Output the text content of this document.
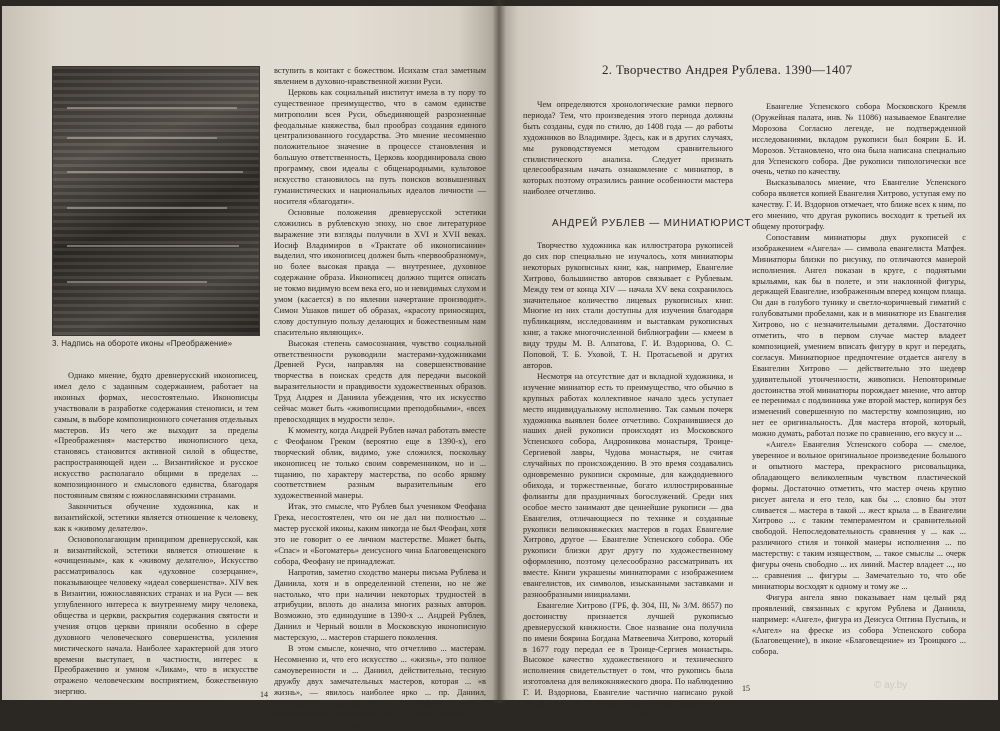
3. Надпись на обороте иконы «Преображение»

Однако мнение, будто древнерусский иконописец, имел дело с заданным содержанием, работает на иконных формах, несостоятельно. Иконописцы участвовали в разработке содержания стенописи, и тем самым, в выборе композиционного сочетания отдельных мастеров. Из чего же выходит за пределы «Преображения» мастерство иконописного цеха, становясь становится активной силой в обществе, распространяющей идеи ... Византийское и русское искусство располагало общими в пределах ... композиционного и смыслового единства, благодаря постоянным связям с южнославянскими странами.

Закончиться обучение художника, как и византийской, эстетики является отношение к человеку, как к «живому делателю».

Основополагающим принципом древнерусской, как и византийской, эстетики является отношение к «очищенным», как к «живому делателю», Искусство рассматривалось как «духовное созерцание», показывающее человеку «идеал совершенства». XIV век в Византии, южнославянских странах и на Руси — век углубленного интереса к внутреннему миру человека, общества и церкви, раскрытия содержания святости и учения отцов церкви приняли особенно в сфере духовного человеческого совершенства, усиления мистического начала. Наиболее характерной для этого времени выступает, в частности, интерес к Преображению и умном «Ликам», что в искусстве отражено человеческим восприятием, божественную энергию.

вступить в контакт с божеством. Исихазм стал заметным явлением в духовно-нравственной жизни Руси.

Церковь как социальный институт имела в ту пору то существенное преимущество, что в самом единстве митрополии всея Руси, объединяющей разрозненные феодальные княжества, был прообраз создания единого централизованного государства. Это мнение несомненно положительное значение в процессе становления и большую ответственность, Церковь координировала свою программу, свои идеалы с общенародными, культовое искусство становилось на путь поисков возвышенных гуманистических и национальных идеалов личности — носителя «благодати».

Основные положения древнерусской эстетики сложились в рублевскую эпоху, но свое литературное выражение эти взгляды получили в XVI и XVII веках. Иосиф Владимиров в «Трактате об иконописании» выделил, что иконописец должен быть «первообразному», но более высокая правда — внутреннее, духовное содержание образа. Иконописец должно тщится описать не токмо видимую всем века его, но и невидимых слухом и умом (касается) в по явлении начертание производит». Симон Ушаков пишет об образах, «красоту приносящих, слову доступную пользу делающих и божественным нам спасительно являющих».

Высокая степень самосознания, чувство социальной ответственности руководили мастерами-художниками Древней Руси, направляя на совершенствование творчества в поисках средств для передачи высокой выразительности и правдивости художественных образов. Труд Андрея и Даниила убеждения, что их искусство сейчас может быть «живописцами преподобными», «всех превосходящих в мудрости зело».

К моменту, когда Андрей Рублев начал работать вместе с Феофаном Греком (вероятно еще в 1390-х), его творческий облик, видимо, уже сложился, поскольку иконописец не только своим современником, но и ... тщанию, по характеру мастерства, по особо яркому соответствием разным выразительным его художественной манеры.

Итак, это смысле, что Рублев был учеником Феофана Грека, несостоятелен, что он не дал ни полностью ... мастер русской иконы, каким никогда не был Феофан, хотя это не говорит о ее личном мастерстве. Может быть, «Спас» и «Богоматерь» деисусного чина Благовещенского собора, Феофану не принадлежат.

Напротив, заметно сходство манеры письма Рублева и Даниила, хотя и в определенной степени, но не же настолько, что при наличии некоторых трудностей в атрибуции, вплоть до анализа многих разных авторов. Возможно, это единодушие в 1390-х ... Андрей Рублев, Даниил и Черный вошли в Московскую иконописную мастерскую, ... мастеров старшего поколения.

В этом смысле, конечно, что отчетливо ... мастерам. Несомненно и, что его искусство ... «жизнь», это полное самоуверенности и ... Даниил, действительно, тесную дружбу двух замечательных мастеров, которая ... «в жизнь», — явилось наиболее ярко ... пр. Даниил, различные исполненные ими ... что более отчетливо прослеживается творческий рост ... Андрея Рублева и ... Даниила Черного, каждый в своей ... жанры вместе.

14
2. Творчество Андрея Рублева. 1390—1407
АНДРЕЙ РУБЛЕВ — МИНИАТЮРИСТ

Чем определяются хронологические рамки первого периода? Тем, что произведения этого периода должны быть созданы, судя по стилю, до 1408 года — до работы художников во Владимире. Здесь, как и в других случаях, мы руководствуемся методом сравнительного стилистического анализа. Следует признать целесообразным начать ознакомление с миниатюр, в которых поэтому отразились ранние особенности мастера наиболее отчетливо.

Творчество художника как иллюстратора рукописей до сих пор специально не изучалось, хотя миниатюры некоторых рукописных книг, как, например, Евангелие Хитрово, большинство авторов связывает с Рублевым. Между тем от конца XIV — начала XV века сохранилось значительное количество лицевых рукописных книг. Многие из них стали доступны для изучения благодаря публикациям, исследованиям и выставкам рукописных книг, а также многочисленной библиографии — кмеем в виду труды М. В. Алпатова, Г. И. Вздорнова, О. С. Поповой, Т. Б. Уховой, Т. Н. Протасьевой и других авторов.

Несмотря на отсутствие дат и вкладной художника, и изучение миниатюр есть то преимущество, что обычно в крупных работах коллективное начало здесь уступает место индивидуальному исполнению. Так самым почерк художника выявлен более отчетливо. Сохранившиеся до наших дней рукописи происходят из Московского Успенского собора, Андроникова монастыря, Троице-Сергиевой лавры, Чудова монастыря, не считая случайных по происхождению. В это время создавались одновременно рукописи скромные, для каждодневного обихода, и торжественные, богато иллюстрированные фолианты для праздничных богослужений. Среди них особое место занимают две ценнейшие рукописи — два Евангелия, отличающиеся по технике и созданные рукописи великокняжеских мастеров в годах Евангелие Хитрово, другое — Евангелие Успенского собора. Обе рукописи близки друг другу по художественному оформлению, поэтому целесообразно рассматривать их вместе. Книги украшены миниатюрами с изображением евангелистов, их символов, изысканными заставками и разнообразными инициалами.

Евангелие Хитрово (ГРБ, ф. 304, III, № 3/М. 8657) по достоинству признается лучшей рукописью древнерусской книжности. Свое название она получила по имени боярина Богдана Матвеевича Хитрово, который в 1677 году передал ее в Троице-Сергиев монастырь. Высокое качество художественного и технического исполнения свидетельствует о том, что рукопись была изготовлена для великокняжеского двора. По наблюдению Г. И. Вздорнова, Евангелие частично написано рукой писца Киевской Псалтири грамотейкиня Спиридона, что позволяет датировать ее концом XIV — началом XV века.

Евангелие Успенского собора Московского Кремля (Оружейная палата, инв. № 11086) называемое Евангелие Морозова Согласно легенде, не подтвержденной исследованиями, вкладом рукописи был боярин Б. И. Морозов. Установлено, что она была написана специально для Успенского собора. Две рукописи типологически все очень, четко по качеству.

Высказывалось мнение, что Евангелие Успенского собора является копией Евангелия Хитрово, уступая ему по качеству. Г. И. Вздорнов отмечает, что ближе всех к ним, по его мнению, что другая рукопись восходит к третьей их общему протографу.

Сопоставим миниатюры двух рукописей с изображением «Ангела» — символа евангелиста Матфея. Миниатюры близки по рисунку, по отличаются манерой исполнения. Ангел показан в круге, с поднятыми крыльями, как бы в полете, и эти наклонной фигуры, держащей Евангелие, изображенным вперед концом плаща. Он дан в голубого тунику и светло-коричневый гиматий с голубоватыми пробелами, как и в миниатюре из Евангелия Хитрово, но с незначительными деталями. Достаточно отметить, что в первом случае мастер владеет композицией, умением вписать фигуру в круг и передать, согласуя. Миниатюрное предпочтение отдается ангелу в Евангелии Хитрово — действительно это шедевр удивительной утонченности, живописи. Неповторимые достоинства этой миниатюры порождает мнение, что автор ее перенимал с подлинника уже второй мастер, копируя без изменений совершенную по мастерству композицию, но нет ее оригинальность. Для мастера второй, который, можно думать, работал позже по сравнению, его вкусу и ...

«Ангел» Евангелия Успенского собора — смелое, уверенное и вольное оригинальное произведение большого и опытного мастера, прекрасного рисовальщика, обладающего великолепным чувством пластической формы. Достаточно отметить, что мастер очень крупно рисует ангела и его тело, как бы ... словно бы этот сливается ... мастера в такой ... жест крыла ... в Евангелии Хитрово ... с таким темпераментом и сравнительной свободой. Непоследовательность сравнения у ... как ... различного стиля и тонкой манеры исполнения ... по мастерству: с таким изяществом, ... такое смыслы ... очерк фигуры очень свободно ... их линий. Мастер владеет ..., но ... сравнения ... фигуры ... Замечательно то, что обе миниатюры восходят к одному и тому же ...

Фигура ангела явно показывает нам целый ряд проявлений, связанных с кругом Рублева и Даниила, например: «Ангел», фигура из Деисуса Оптина Пустынь, и «Ангел» на фреске из собора Успенского собора (Благовещение), в иконе «Благовещение» из Троицкого ... собора.

15	© ay.by
